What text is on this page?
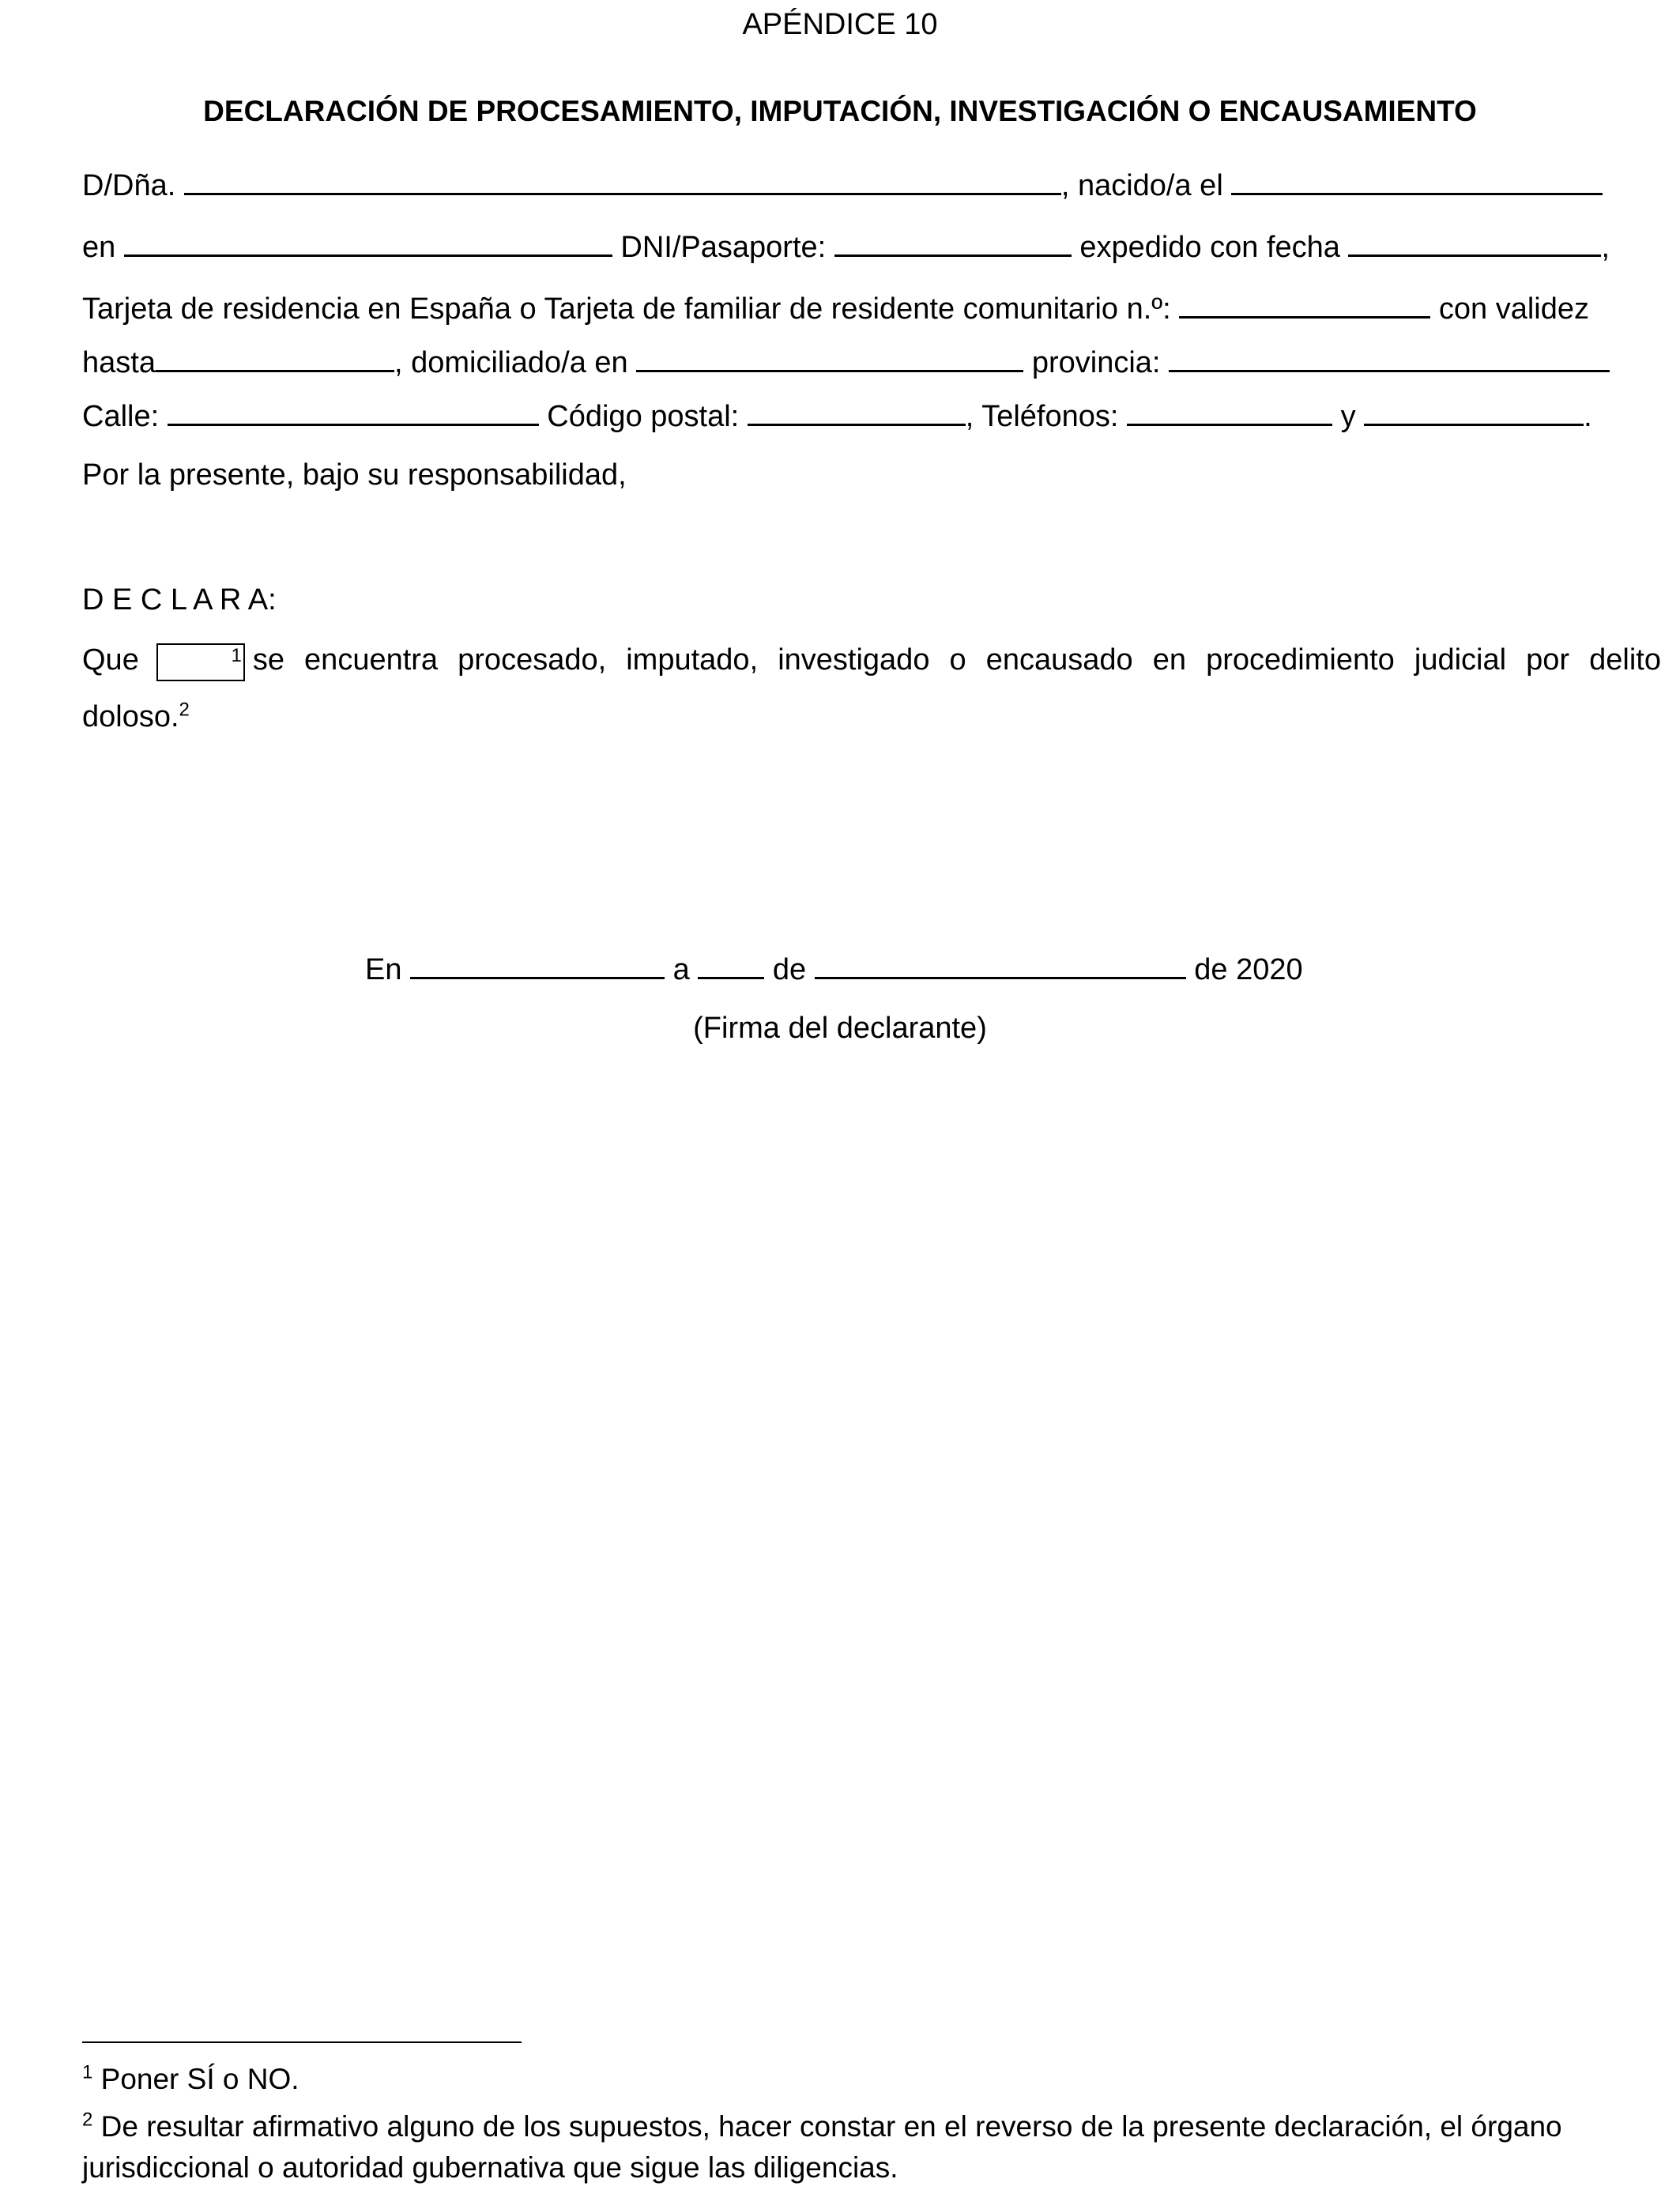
APÉNDICE 10
DECLARACIÓN DE PROCESAMIENTO, IMPUTACIÓN, INVESTIGACIÓN O ENCAUSAMIENTO
D/Dña.	, nacido/a el
en	DNI/Pasaporte:	expedido con fecha	,
Tarjeta de residencia en España o Tarjeta de familiar de residente comunitario n.º:	con validez
hasta	, domiciliado/a en	provincia:
Calle:	Código postal:	, Teléfonos:	y	.
Por la presente, bajo su responsabilidad,
D E C L A R A:
Que	1 se encuentra procesado, imputado, investigado o encausado en procedimiento judicial por delito
doloso.$^2$
En	a	de	de 2020
(Firma del declarante)
$^1$ Poner SÍ o NO.
$^2$ De resultar afirmativo alguno de los supuestos, hacer constar en el reverso de la presente declaración, el órgano
jurisdiccional o autoridad gubernativa que sigue las diligencias.
